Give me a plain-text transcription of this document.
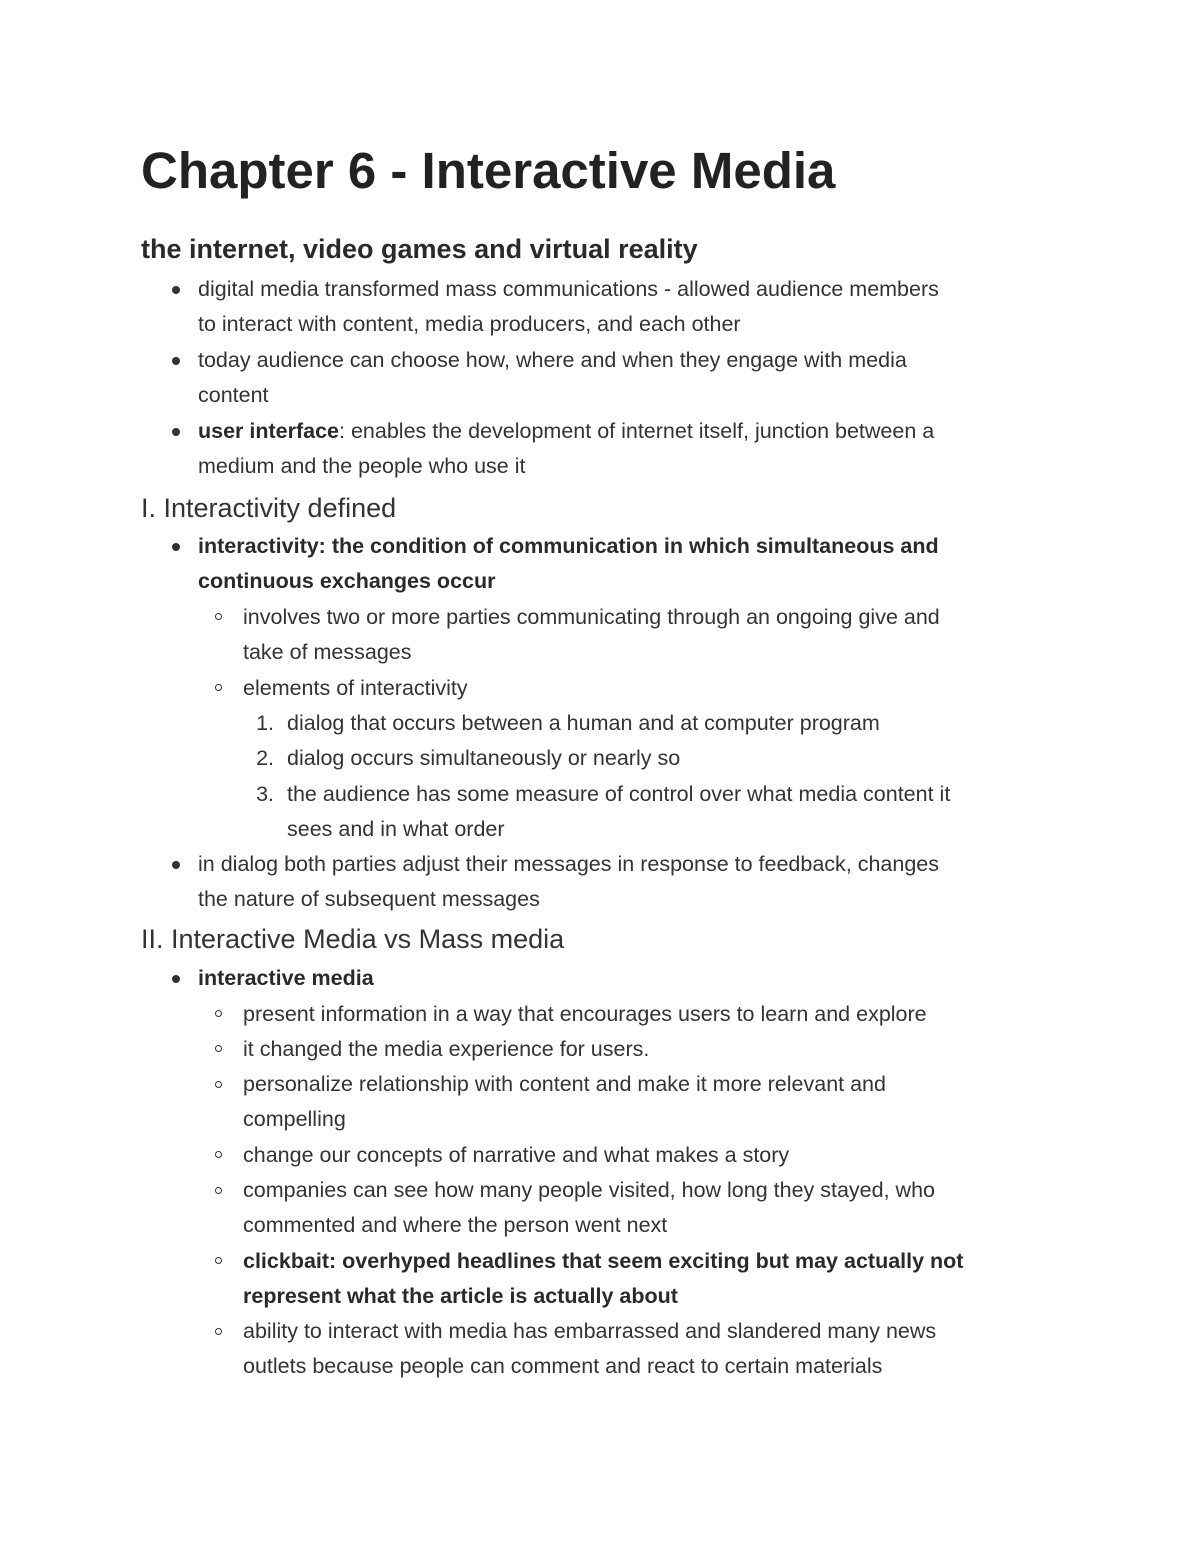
Chapter 6 - Interactive Media
the internet, video games and virtual reality

digital media transformed mass communications - allowed audience members

to interact with content, media producers, and each other

today audience can choose how, where and when they engage with media

content

user interface: enables the development of internet itself, junction between a

medium and the people who use it

I. Interactivity defined

interactivity: the condition of communication in which simultaneous and

continuous exchanges occur

involves two or more parties communicating through an ongoing give and

take of messages

elements of interactivity

1. dialog that occurs between a human and at computer program

2. dialog occurs simultaneously or nearly so

3. the audience has some measure of control over what media content it

sees and in what order

in dialog both parties adjust their messages in response to feedback, changes

the nature of subsequent messages

II. Interactive Media vs Mass media

interactive media

present information in a way that encourages users to learn and explore

it changed the media experience for users.

personalize relationship with content and make it more relevant and

compelling

change our concepts of narrative and what makes a story

companies can see how many people visited, how long they stayed, who

commented and where the person went next

clickbait: overhyped headlines that seem exciting but may actually not

represent what the article is actually about

ability to interact with media has embarrassed and slandered many news

outlets because people can comment and react to certain materials
